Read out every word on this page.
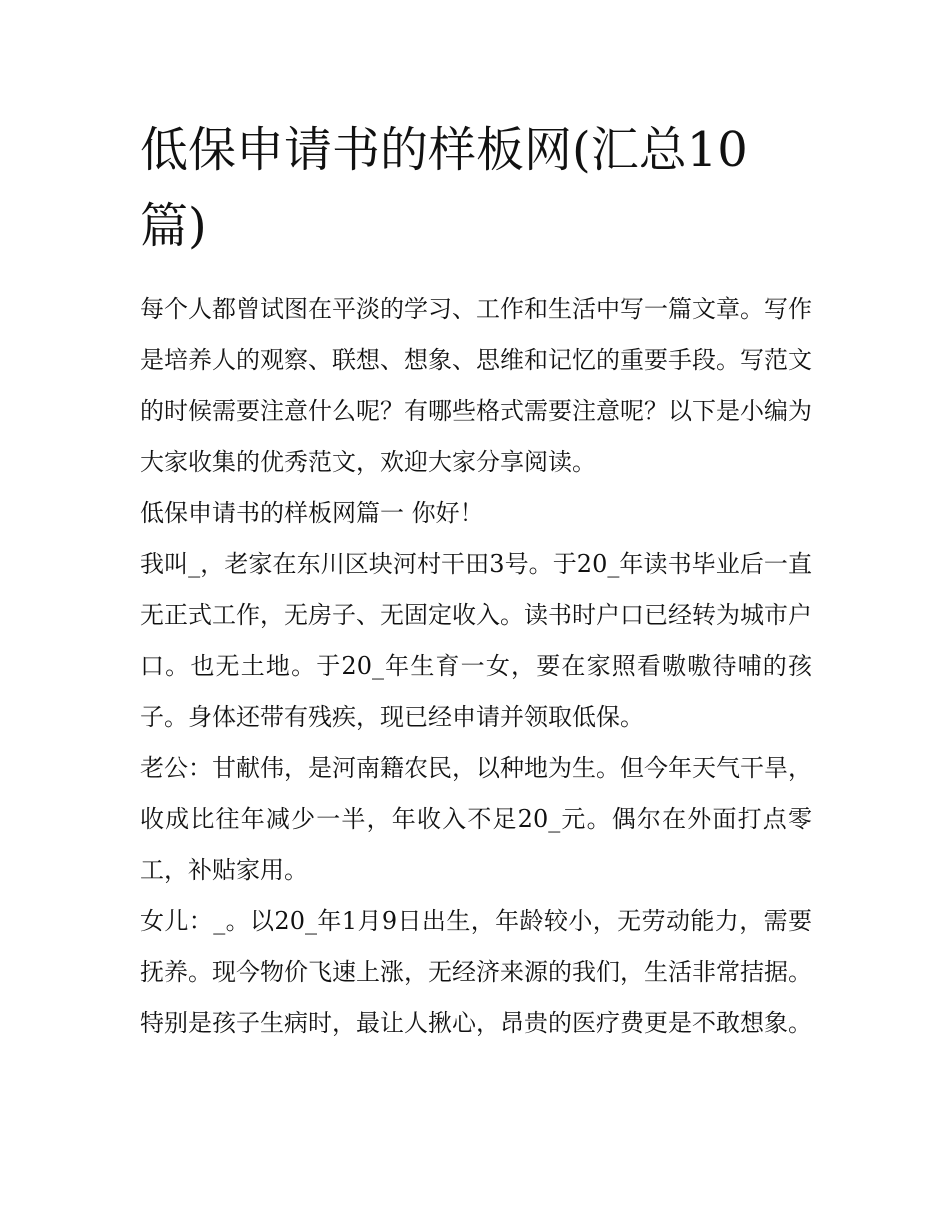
低保申请书的样板网(汇总10篇)

每个人都曾试图在平淡的学习、工作和生活中写一篇文章。写作是培养人的观察、联想、想象、思维和记忆的重要手段。写范文的时候需要注意什么呢？有哪些格式需要注意呢？以下是小编为大家收集的优秀范文，欢迎大家分享阅读。

低保申请书的样板网篇一 你好！

我叫_，老家在东川区块河村干田3号。于20_年读书毕业后一直无正式工作，无房子、无固定收入。读书时户口已经转为城市户口。也无土地。于20_年生育一女，要在家照看嗷嗷待哺的孩子。身体还带有残疾，现已经申请并领取低保。

老公：甘献伟，是河南籍农民，以种地为生。但今年天气干旱，收成比往年减少一半，年收入不足20_元。偶尔在外面打点零工，补贴家用。

女儿：_。以20_年1月9日出生，年龄较小，无劳动能力，需要抚养。现今物价飞速上涨，无经济来源的我们，生活非常拮据。特别是孩子生病时，最让人揪心，昂贵的医疗费更是不敢想象。
